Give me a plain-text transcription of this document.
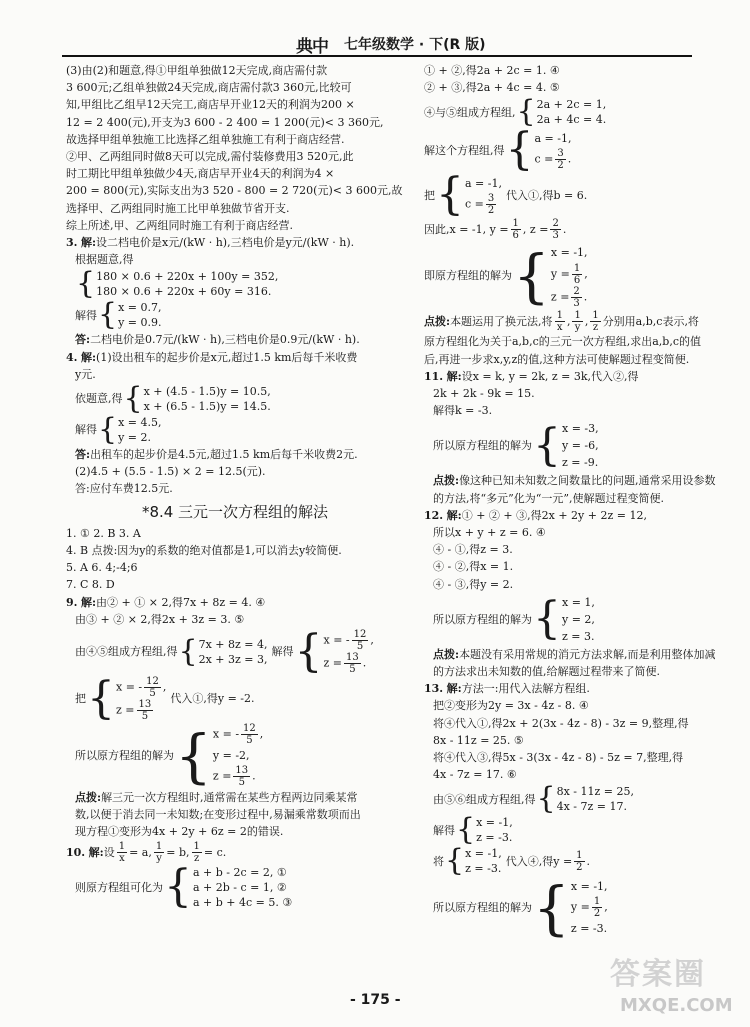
典中 七年级数学 · 下(R 版)
(3)由(2)和题意,得①甲组单独做12天完成,商店需付款
3 600元;乙组单独做24天完成,商店需付款3 360元,比较可
知,甲组比乙组早12天完工,商店早开业12天的利润为200 ×
12 = 2 400(元),开支为3 600 - 2 400 = 1 200(元)< 3 360元,
故选择甲组单独施工比选择乙组单独施工有利于商店经营.
②甲、乙两组同时做8天可以完成,需付装修费用3 520元,此
时工期比甲组单独做少4天,商店早开业4天的利润为4 ×
200 = 800(元),实际支出为3 520 - 800 = 2 720(元)< 3 600元,故
选择甲、乙两组同时施工比甲单独做节省开支.
综上所述,甲、乙两组同时施工有利于商店经营.
3. 解:设二档电价是x元/(kW · h),三档电价是y元/(kW · h).
根据题意,得
{ 180 × 0.6 + 220x + 100y = 352,
180 × 0.6 + 220x + 60y = 316.
解得 { x = 0.7,
y = 0.9.
答:二档电价是0.7元/(kW · h),三档电价是0.9元/(kW · h).
4. 解:(1)设出租车的起步价是x元,超过1.5 km后每千米收费
y元.
依题意,得 { x + (4.5 - 1.5)y = 10.5,
x + (6.5 - 1.5)y = 14.5.
解得 { x = 4.5,
y = 2.
答:出租车的起步价是4.5元,超过1.5 km后每千米收费2元.
(2)4.5 + (5.5 - 1.5) × 2 = 12.5(元).
答:应付车费12.5元.
*8.4 三元一次方程组的解法
1. ① 2. B 3. A
4. B 点拨:因为y的系数的绝对值都是1,可以消去y较简便.
5. A 6. 4;-4;6
7. C 8. D
9. 解:由② + ① × 2,得7x + 8z = 4. ④
由③ + ② × 2,得2x + 3z = 3. ⑤
由④⑤组成方程组,得 { 7x + 8z = 4,
2x + 3z = 3,
解得 { x = - $\frac{12}{5}$ ,
$z = \frac{13}{5}$ .
把 { x = - $\frac{12}{5}$ ,
$z = \frac{13}{5}$
代入①,得y = -2.
所以原方程组的解为 { x = - $\frac{12}{5}$ ,
y = -2,
$z = \frac{13}{5}$ .
点拨:解三元一次方程组时,通常需在某些方程两边同乘某常
数,以便于消去同一未知数;在变形过程中,易漏乘常数项而出
现方程①变形为4x + 2y + 6z = 2的错误.
10.
解: 设 $\frac{1}{x} = a$, $\frac{1}{y} = b$, $\frac{1}{z} = c$.
则原方程组可化为 { a + b - 2c = 2, ①
a + 2b - c = 1, ②
a + b + 4c = 5. ③
① + ②,得2a + 2c = 1. ④
② + ③,得2a + 4c = 4. ⑤
④与⑤组成方程组, { 2a + 2c = 1,
2a + 4c = 4.
解这个方程组,得 { a = -1,
$c = \frac{3}{2}$ .
把 { a = -1,
$c = \frac{3}{2}$ 代入①,得b = 6.
因此,x = -1, $y = \frac{1}{6}$ , $z = \frac{2}{3}$ .
即原方程组的解为 { x = -1,
$y = \frac{1}{6}$ ,
$z = \frac{2}{3}$ .
点拨: 本题运用了换元法,将 $\frac{1}{x}$ , $\frac{1}{y}$ , $\frac{1}{z}$ 分别用a,b,c表示,将
原方程组化为关于a,b,c的三元一次方程组,求出a,b,c的值
后,再进一步求x,y,z的值,这种方法可使解题过程变简便.
11. 解:设x = k, y = 2k, z = 3k,代入②,得
2k + 2k - 9k = 15.
解得k = -3.
所以原方程组的解为 { x = -3,
y = -6,
z = -9.
点拨:像这种已知未知数之间数量比的问题,通常采用设参数
的方法,将“多元”化为“一元”,使解题过程变简便.
12. 解:① + ② + ③,得2x + 2y + 2z = 12,
所以x + y + z = 6. ④
④ - ①,得z = 3.
④ - ②,得x = 1.
④ - ③,得y = 2.
所以原方程组的解为 { x = 1,
y = 2,
z = 3.
点拨:本题没有采用常规的消元方法求解,而是利用整体加减
的方法求出未知数的值,给解题过程带来了简便.
13. 解:方法一:用代入法解方程组.
把②变形为2y = 3x - 4z - 8. ④
将④代入①,得2x + 2(3x - 4z - 8) - 3z = 9,整理,得
8x - 11z = 25. ⑤
将④代入③,得5x - 3(3x - 4z - 8) - 5z = 7,整理,得
4x - 7z = 17. ⑥
由⑤⑥组成方程组,得 { 8x - 11z = 25,
4x - 7z = 17.
解得 { x = -1,
z = -3.
将 { x = -1,
z = -3.
代入④,得$y = \frac{1}{2}$ .
所以原方程组的解为 { x = -1,
$y = \frac{1}{2}$ ,
z = -3.
- 175 -
答案圈
MXQE.COM
